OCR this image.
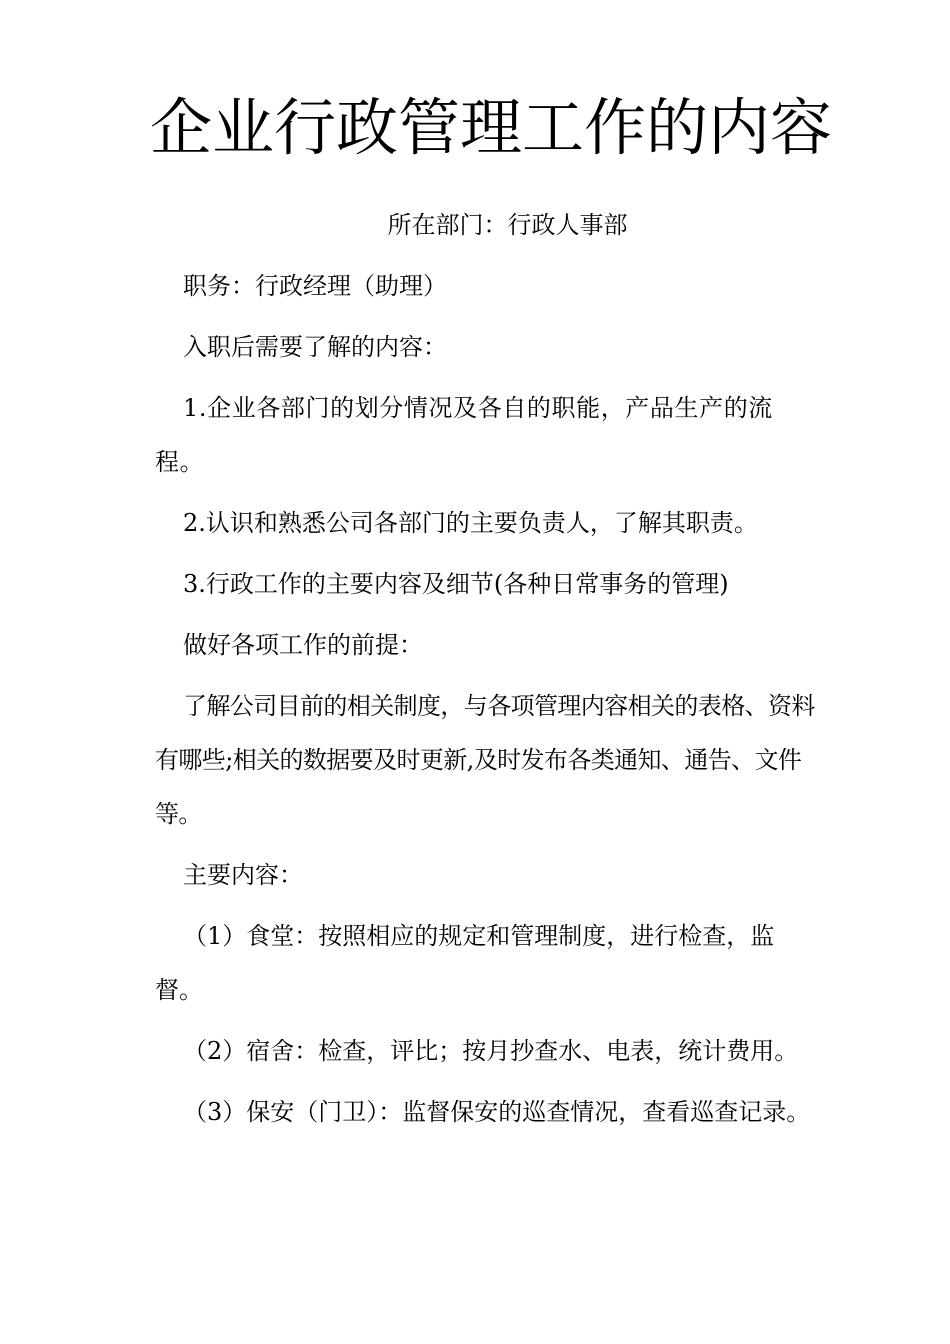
企业行政管理工作的内容

所在部门：行政人事部

职务：行政经理（助理）

入职后需要了解的内容：

1.企业各部门的划分情况及各自的职能，产品生产的流程。

2.认识和熟悉公司各部门的主要负责人，了解其职责。

3.行政工作的主要内容及细节(各种日常事务的管理)

做好各项工作的前提：

了解公司目前的相关制度，与各项管理内容相关的表格、资料有哪些;相关的数据要及时更新,及时发布各类通知、通告、文件等。

主要内容：

（1）食堂：按照相应的规定和管理制度，进行检查，监督。

（2）宿舍：检查，评比；按月抄查水、电表，统计费用。

（3）保安（门卫）：监督保安的巡查情况，查看巡查记录。
